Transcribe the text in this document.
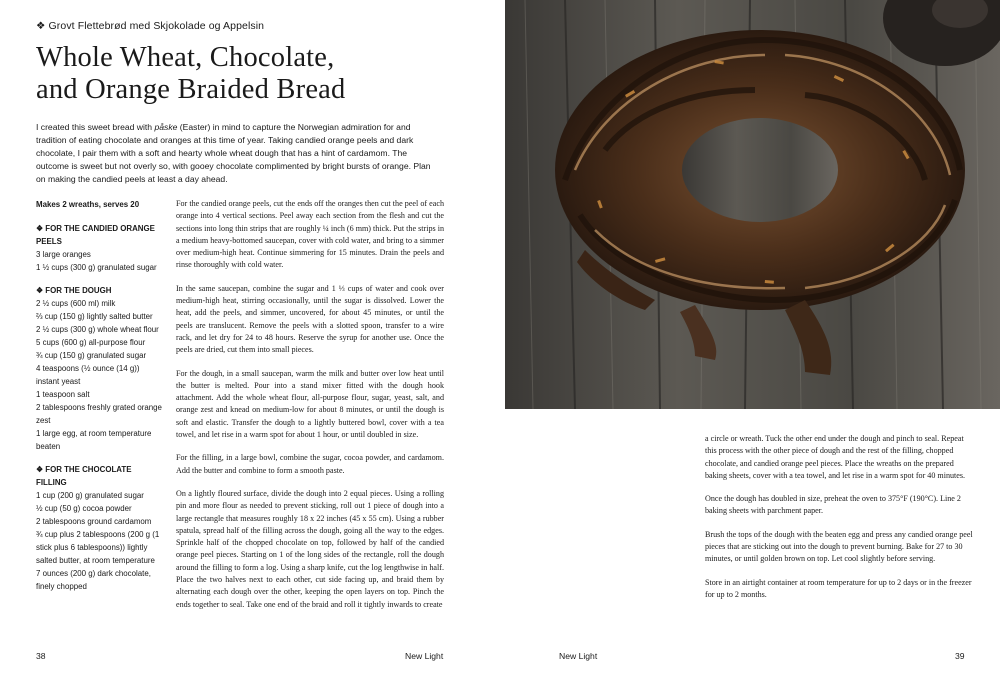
❖ Grovt Flettebrød med Skjokolade og Appelsin
Whole Wheat, Chocolate,
and Orange Braided Bread

I created this sweet bread with påske (Easter) in mind to capture the Norwegian admiration for and tradition of eating chocolate and oranges at this time of year. Taking candied orange peels and dark chocolate, I pair them with a soft and hearty whole wheat dough that has a hint of cardamom. The outcome is sweet but not overly so, with gooey chocolate complimented by bright bursts of orange. Plan on making the candied peels at least a day ahead.

Makes 2 wreaths, serves 20
❖ FOR THE CANDIED ORANGE PEELS
3 large oranges
1 ½ cups (300 g) granulated sugar
❖ FOR THE DOUGH
2 ½ cups (600 ml) milk
⅔ cup (150 g) lightly salted butter
2 ½ cups (300 g) whole wheat flour
5 cups (600 g) all-purpose flour
¾ cup (150 g) granulated sugar
4 teaspoons (½ ounce (14 g)) instant yeast
1 teaspoon salt
2 tablespoons freshly grated orange zest
1 large egg, at room temperature beaten
❖ FOR THE CHOCOLATE FILLING
1 cup (200 g) granulated sugar
½ cup (50 g) cocoa powder
2 tablespoons ground cardamom
¾ cup plus 2 tablespoons (200 g (1 stick plus 6 tablespoons)) lightly salted butter, at room temperature
7 ounces (200 g) dark chocolate, finely chopped

For the candied orange peels, cut the ends off the oranges then cut the peel of each orange into 4 vertical sections. Peel away each section from the flesh and cut the sections into long thin strips that are roughly ¼ inch (6 mm) thick. Put the strips in a medium heavy-bottomed saucepan, cover with cold water, and bring to a simmer over medium-high heat. Continue simmering for 15 minutes. Drain the peels and rinse thoroughly with cold water.

In the same saucepan, combine the sugar and 1 ⅓ cups of water and cook over medium-high heat, stirring occasionally, until the sugar is dissolved. Lower the heat, add the peels, and simmer, uncovered, for about 45 minutes, or until the peels are translucent. Remove the peels with a slotted spoon, transfer to a wire rack, and let dry for 24 to 48 hours. Reserve the syrup for another use. Once the peels are dried, cut them into small pieces.

For the dough, in a small saucepan, warm the milk and butter over low heat until the butter is melted. Pour into a stand mixer fitted with the dough hook attachment. Add the whole wheat flour, all-purpose flour, sugar, yeast, salt, and orange zest and knead on medium-low for about 8 minutes, or until the dough is soft and elastic. Transfer the dough to a lightly buttered bowl, cover with a tea towel, and let rise in a warm spot for about 1 hour, or until doubled in size.

For the filling, in a large bowl, combine the sugar, cocoa powder, and cardamom. Add the butter and combine to form a smooth paste.

On a lightly floured surface, divide the dough into 2 equal pieces. Using a rolling pin and more flour as needed to prevent sticking, roll out 1 piece of dough into a large rectangle that measures roughly 18 x 22 inches (45 x 55 cm). Using a rubber spatula, spread half of the filling across the dough, going all the way to the edges. Sprinkle half of the chopped chocolate on top, followed by half of the candied orange peel pieces. Starting on 1 of the long sides of the rectangle, roll the dough around the filling to form a log. Using a sharp knife, cut the log lengthwise in half. Place the two halves next to each other, cut side facing up, and braid them by alternating each dough over the other, keeping the open layers on top. Pinch the ends together to seal. Take one end of the braid and roll it tightly inwards to create

38	New Light

a circle or wreath. Tuck the other end under the dough and pinch to seal. Repeat this process with the other piece of dough and the rest of the filling, chopped chocolate, and candied orange peel pieces. Place the wreaths on the prepared baking sheets, cover with a tea towel, and let rise in a warm spot for 40 minutes.

Once the dough has doubled in size, preheat the oven to 375°F (190°C). Line 2 baking sheets with parchment paper.

Brush the tops of the dough with the beaten egg and press any candied orange peel pieces that are sticking out into the dough to prevent burning. Bake for 27 to 30 minutes, or until golden brown on top. Let cool slightly before serving.

Store in an airtight container at room temperature for up to 2 days or in the freezer for up to 2 months.

New Light	39
